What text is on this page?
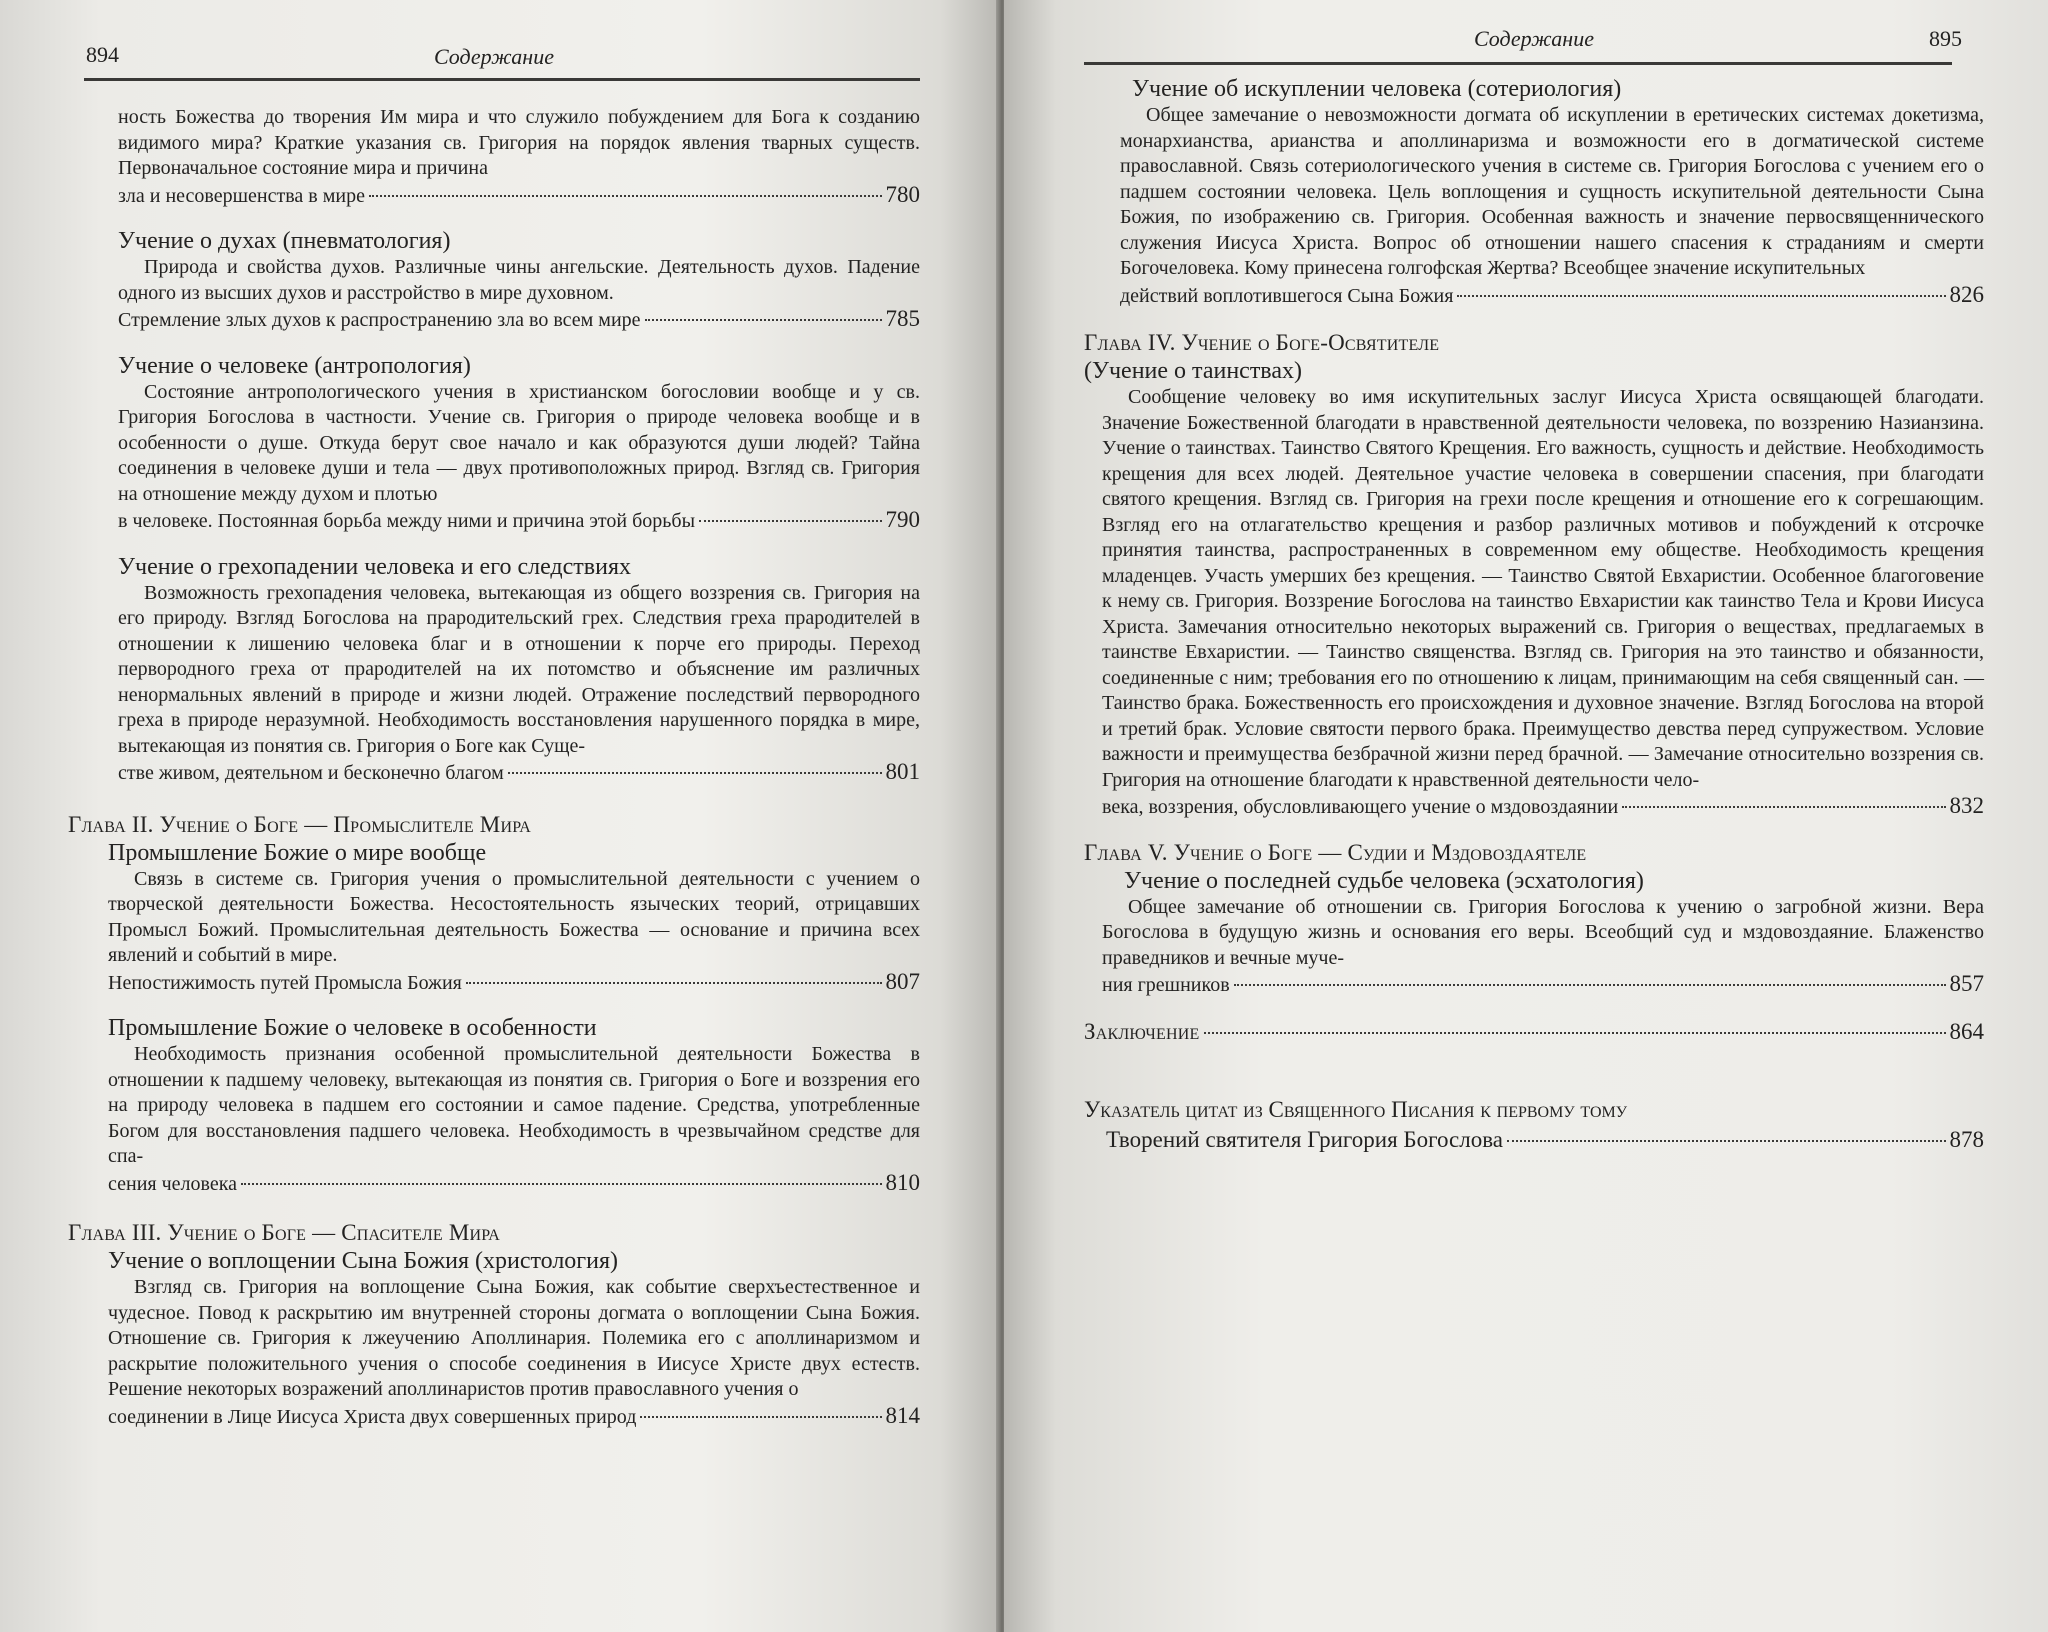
894	Содержание

ность Божества до творения Им мира и что служило побуждением для Бога к созданию видимого мира? Краткие указания св. Григория на порядок явления тварных существ. Первоначальное состояние мира и причина
зла и несовершенства в мире	780

Учение о духах (пневматология)

Природа и свойства духов. Различные чины ангельские. Деятельность духов. Падение одного из высших духов и расстройство в мире духовном.
Стремление злых духов к распространению зла во всем мире	785

Учение о человеке (антропология)

Состояние антропологического учения в христианском богословии вообще и у св. Григория Богослова в частности. Учение св. Григория о природе человека вообще и в особенности о душе. Откуда берут свое начало и как образуются души людей? Тайна соединения в человеке души и тела — двух противоположных природ. Взгляд св. Григория на отношение между духом и плотью
в человеке. Постоянная борьба между ними и причина этой борьбы	790

Учение о грехопадении человека и его следствиях

Возможность грехопадения человека, вытекающая из общего воззрения св. Григория на его природу. Взгляд Богослова на прародительский грех. Следствия греха прародителей в отношении к лишению человека благ и в отношении к порче его природы. Переход первородного греха от прародителей на их потомство и объяснение им различных ненормальных явлений в природе и жизни людей. Отражение последствий первородного греха в природе неразумной. Необходимость восстановления нарушенного порядка в мире, вытекающая из понятия св. Григория о Боге как Суще-
стве живом, деятельном и бесконечно благом	801

Глава II. Учение о Боге — Промыслителе Мира

Промышление Божие о мире вообще

Связь в системе св. Григория учения о промыслительной деятельности с учением о творческой деятельности Божества. Несостоятельность языческих теорий, отрицавших Промысл Божий. Промыслительная деятельность Божества — основание и причина всех явлений и событий в мире.
Непостижимость путей Промысла Божия	807

Промышление Божие о человеке в особенности

Необходимость признания особенной промыслительной деятельности Божества в отношении к падшему человеку, вытекающая из понятия св. Григория о Боге и воззрения его на природу человека в падшем его состоянии и самое падение. Средства, употребленные Богом для восстановления падшего человека. Необходимость в чрезвычайном средстве для спа-
сения человека	810

Глава III. Учение о Боге — Спасителе Мира

Учение о воплощении Сына Божия (христология)

Взгляд св. Григория на воплощение Сына Божия, как событие сверхъестественное и чудесное. Повод к раскрытию им внутренней стороны догмата о воплощении Сына Божия. Отношение св. Григория к лжеучению Аполлинария. Полемика его с аполлинаризмом и раскрытие положительного учения о способе соединения в Иисусе Христе двух естеств. Решение некоторых возражений аполлинаристов против православного учения о
соединении в Лице Иисуса Христа двух совершенных природ	814

Содержание	895

Учение об искуплении человека (сотериология)

Общее замечание о невозможности догмата об искуплении в еретических системах докетизма, монархианства, арианства и аполлинаризма и возможности его в догматической системе православной. Связь сотериологического учения в системе св. Григория Богослова с учением его о падшем состоянии человека. Цель воплощения и сущность искупительной деятельности Сына Божия, по изображению св. Григория. Особенная важность и значение первосвященнического служения Иисуса Христа. Вопрос об отношении нашего спасения к страданиям и смерти Богочеловека. Кому принесена голгофская Жертва? Всеобщее значение искупительных
действий воплотившегося Сына Божия	826

Глава IV. Учение о Боге-Освятителе

(Учение о таинствах)

Сообщение человеку во имя искупительных заслуг Иисуса Христа освящающей благодати. Значение Божественной благодати в нравственной деятельности человека, по воззрению Назианзина. Учение о таинствах. Таинство Святого Крещения. Его важность, сущность и действие. Необходимость крещения для всех людей. Деятельное участие человека в совершении спасения, при благодати святого крещения. Взгляд св. Григория на грехи после крещения и отношение его к согрешающим. Взгляд его на отлагательство крещения и разбор различных мотивов и побуждений к отсрочке принятия таинства, распространенных в современном ему обществе. Необходимость крещения младенцев. Участь умерших без крещения. — Таинство Святой Евхаристии. Особенное благоговение к нему св. Григория. Воззрение Богослова на таинство Евхаристии как таинство Тела и Крови Иисуса Христа. Замечания относительно некоторых выражений св. Григория о веществах, предлагаемых в таинстве Евхаристии. — Таинство священства. Взгляд св. Григория на это таинство и обязанности, соединенные с ним; требования его по отношению к лицам, принимающим на себя священный сан. — Таинство брака. Божественность его происхождения и духовное значение. Взгляд Богослова на второй и третий брак. Условие святости первого брака. Преимущество девства перед супружеством. Условие важности и преимущества безбрачной жизни перед брачной. — Замечание относительно воззрения св. Григория на отношение благодати к нравственной деятельности чело-
века, воззрения, обусловливающего учение о мздовоздаянии	832

Глава V. Учение о Боге — Судии и Мздовоздаятеле

Учение о последней судьбе человека (эсхатология)

Общее замечание об отношении св. Григория Богослова к учению о загробной жизни. Вера Богослова в будущую жизнь и основания его веры. Всеобщий суд и мздовоздаяние. Блаженство праведников и вечные муче-
ния грешников	857

Заключение	864
Указатель цитат из Священного Писания к первому тому
Творений святителя Григория Богослова	878
